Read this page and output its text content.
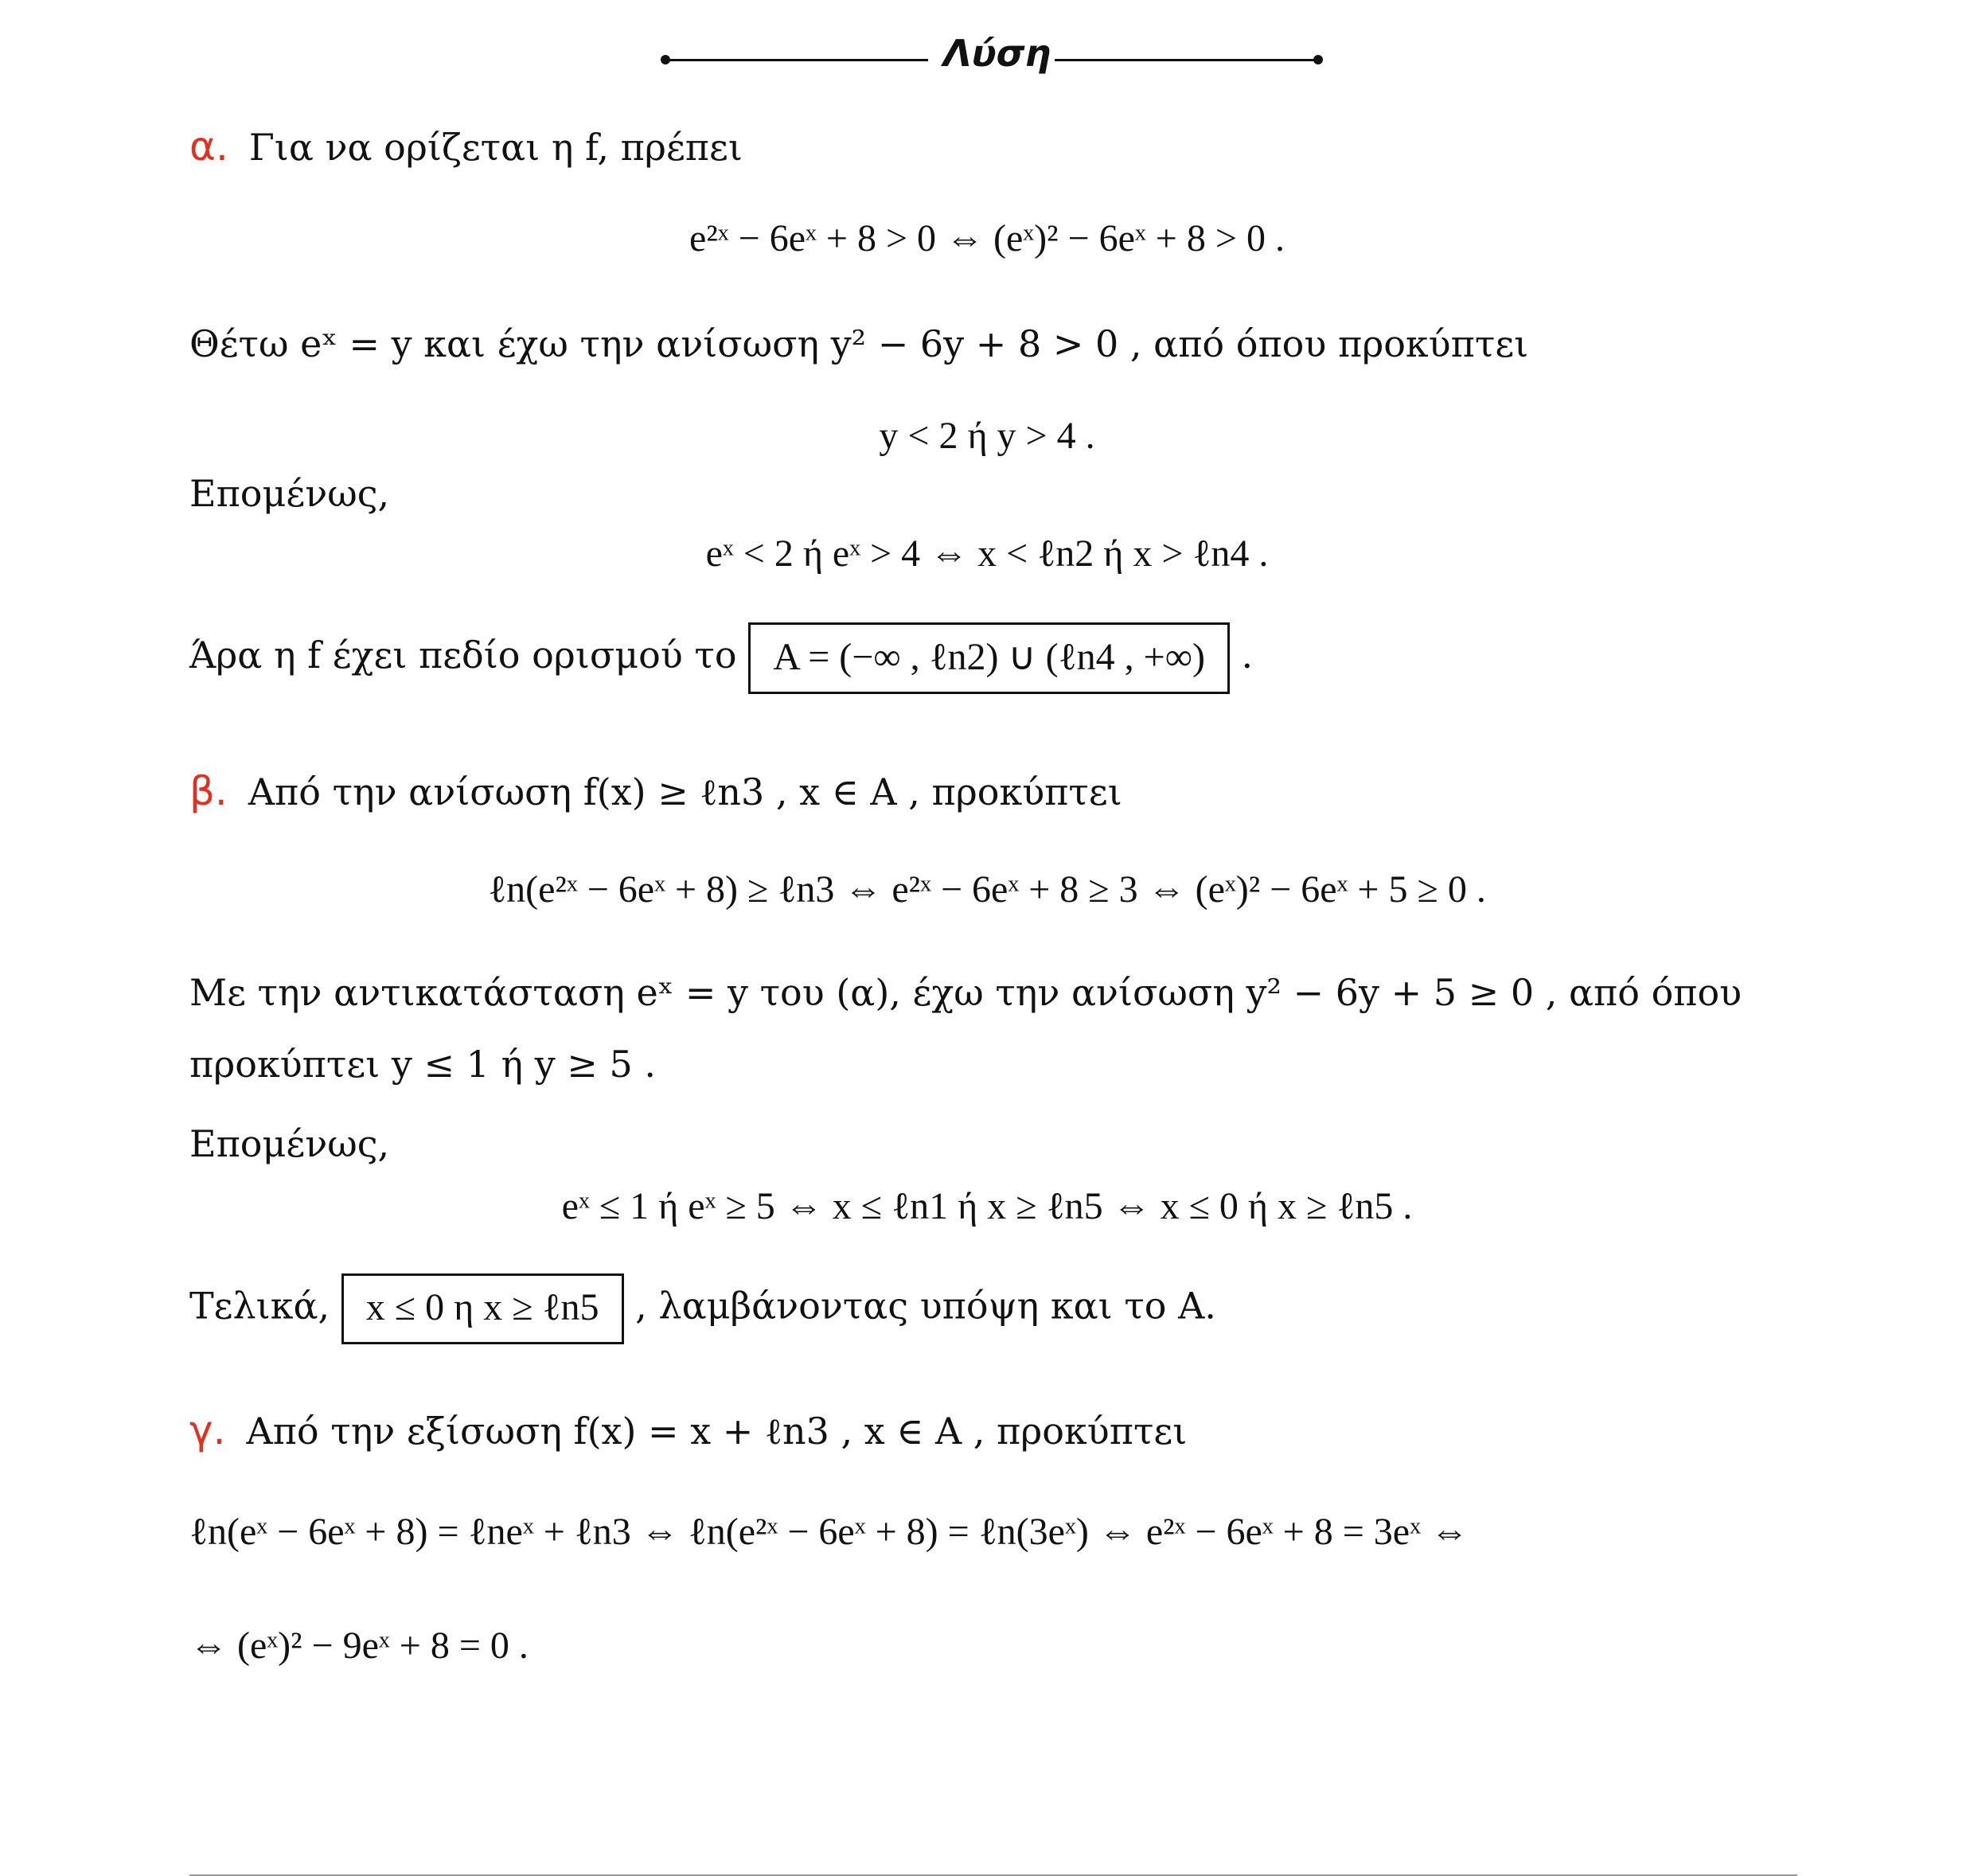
Λύση
α. Για να ορίζεται η f, πρέπει
e²ˣ − 6eˣ + 8 > 0 ⇔ (eˣ)² − 6eˣ + 8 > 0 .
Θέτω eˣ = y και έχω την ανίσωση y² − 6y + 8 > 0 , από όπου προκύπτει
y < 2 ή y > 4 .
Επομένως,
eˣ < 2 ή eˣ > 4 ⇔ x < ℓn2 ή x > ℓn4 .
Άρα η f έχει πεδίο ορισμού το A = (−∞ , ℓn2) ∪ (ℓn4 , +∞) .
β. Από την ανίσωση f(x) ≥ ℓn3 , x ∈ A , προκύπτει
ℓn(e²ˣ − 6eˣ + 8) ≥ ℓn3 ⇔ e²ˣ − 6eˣ + 8 ≥ 3 ⇔ (eˣ)² − 6eˣ + 5 ≥ 0 .
Με την αντικατάσταση eˣ = y του (α), έχω την ανίσωση y² − 6y + 5 ≥ 0 , από όπου
προκύπτει y ≤ 1 ή y ≥ 5 .
Επομένως,
eˣ ≤ 1 ή eˣ ≥ 5 ⇔ x ≤ ℓn1 ή x ≥ ℓn5 ⇔ x ≤ 0 ή x ≥ ℓn5 .
Τελικά, x ≤ 0 η x ≥ ℓn5 , λαμβάνοντας υπόψη και το A.
γ. Από την εξίσωση f(x) = x + ℓn3 , x ∈ A , προκύπτει
ℓn(eˣ − 6eˣ + 8) = ℓneˣ + ℓn3 ⇔ ℓn(e²ˣ − 6eˣ + 8) = ℓn(3eˣ) ⇔ e²ˣ − 6eˣ + 8 = 3eˣ ⇔
⇔ (eˣ)² − 9eˣ + 8 = 0 .
